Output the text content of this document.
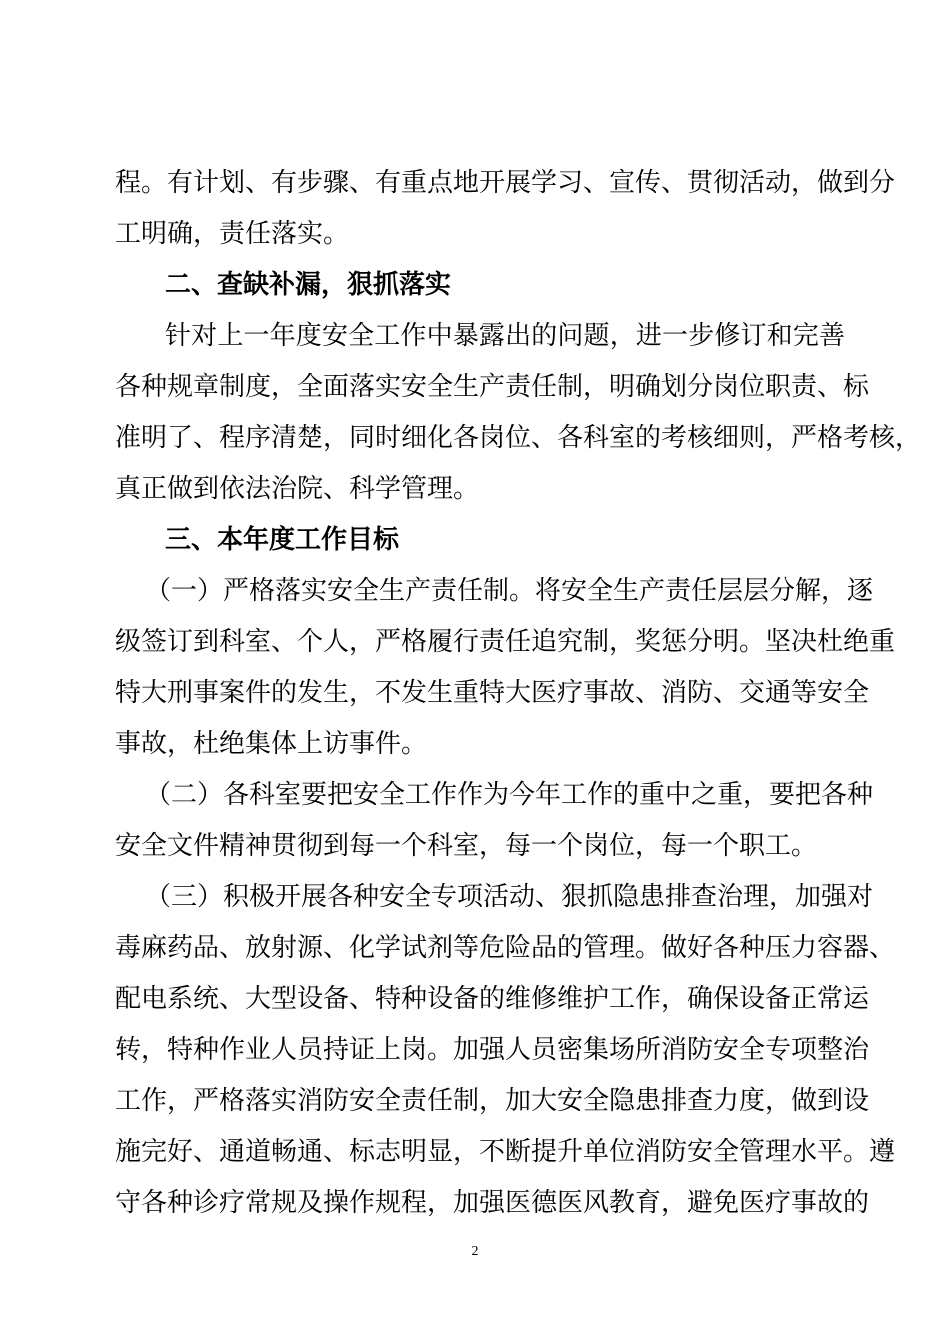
程。有计划、有步骤、有重点地开展学习、宣传、贯彻活动，做到分
工明确，责任落实。
二、查缺补漏，狠抓落实
针对上一年度安全工作中暴露出的问题，进一步修订和完善
各种规章制度，全面落实安全生产责任制，明确划分岗位职责、标
准明了、程序清楚，同时细化各岗位、各科室的考核细则，严格考核，
真正做到依法治院、科学管理。
三、本年度工作目标
（一）严格落实安全生产责任制。将安全生产责任层层分解，逐
级签订到科室、个人，严格履行责任追究制，奖惩分明。坚决杜绝重
特大刑事案件的发生，不发生重特大医疗事故、消防、交通等安全
事故，杜绝集体上访事件。
（二）各科室要把安全工作作为今年工作的重中之重，要把各种
安全文件精神贯彻到每一个科室，每一个岗位，每一个职工。
（三）积极开展各种安全专项活动、狠抓隐患排查治理，加强对
毒麻药品、放射源、化学试剂等危险品的管理。做好各种压力容器、
配电系统、大型设备、特种设备的维修维护工作，确保设备正常运
转，特种作业人员持证上岗。加强人员密集场所消防安全专项整治
工作，严格落实消防安全责任制，加大安全隐患排查力度，做到设
施完好、通道畅通、标志明显，不断提升单位消防安全管理水平。遵
守各种诊疗常规及操作规程，加强医德医风教育，避免医疗事故的
2
